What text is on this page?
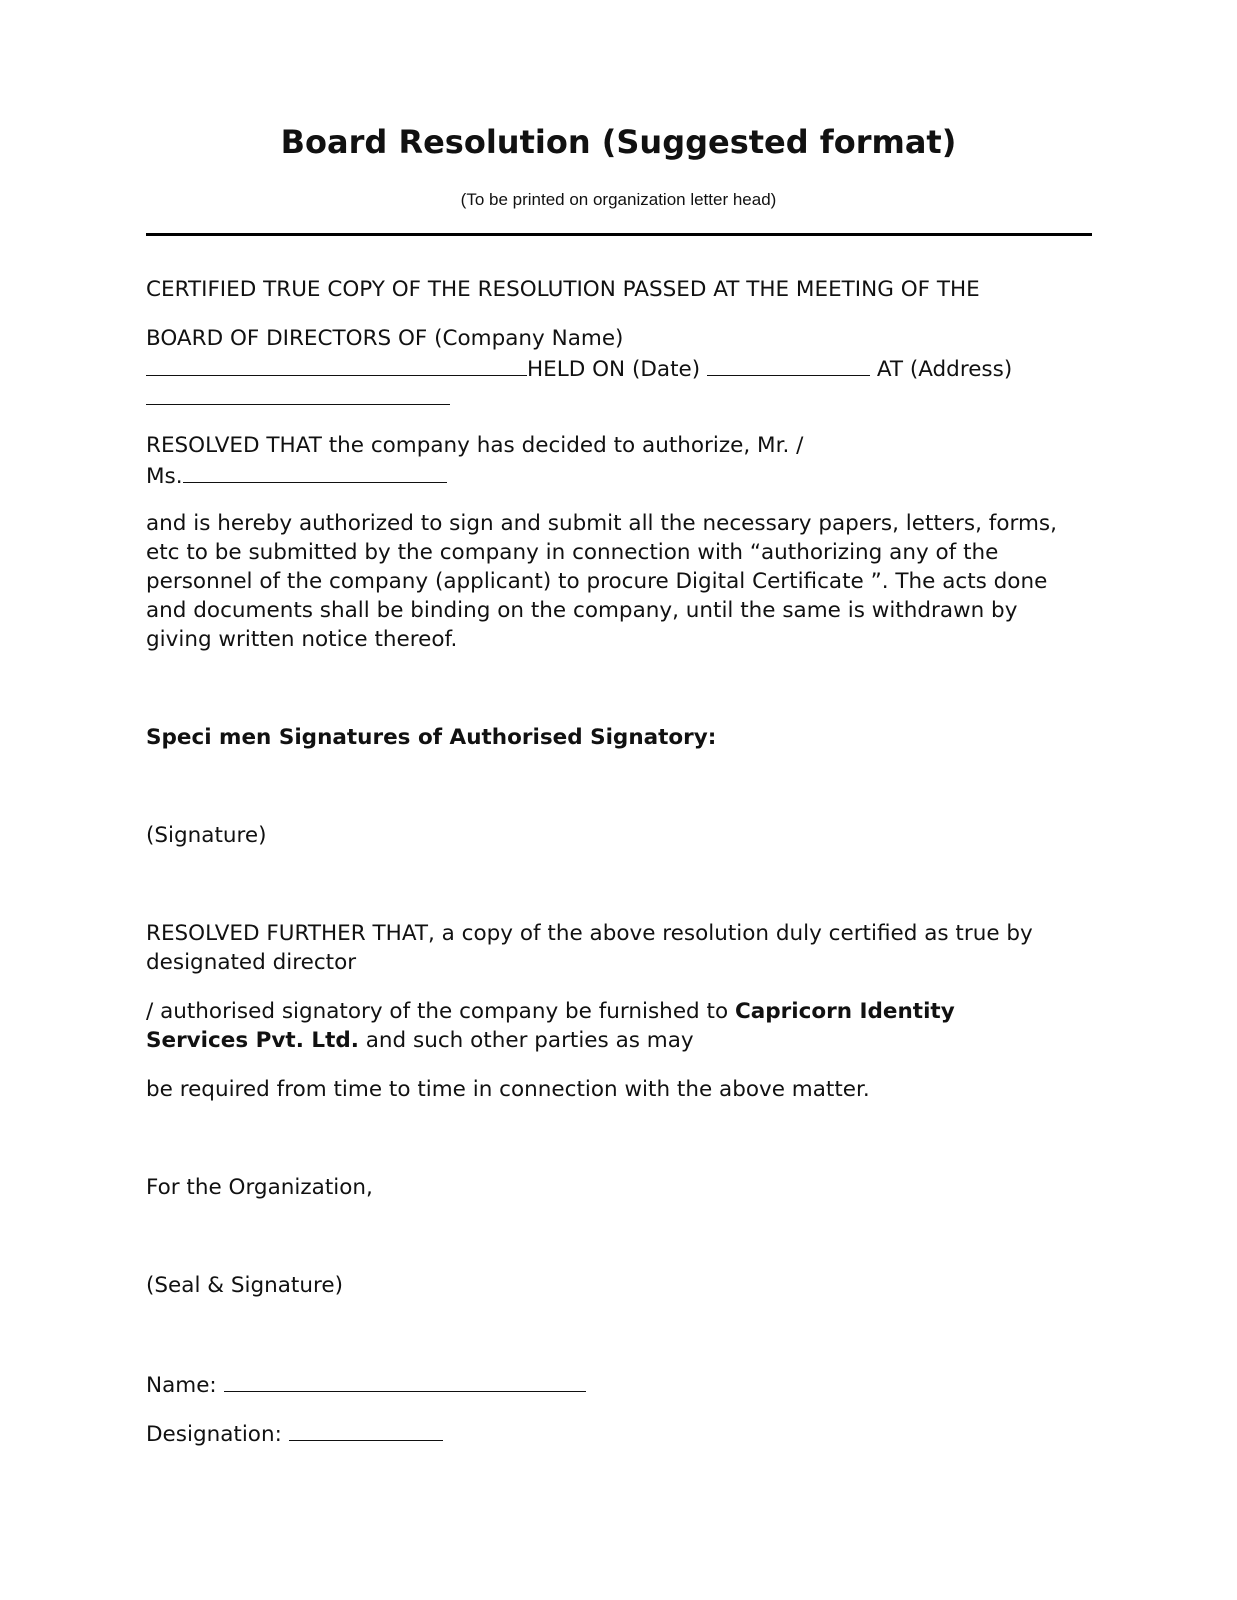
Board Resolution (Suggested format)
(To be printed on organization letter head)
CERTIFIED TRUE COPY OF THE RESOLUTION PASSED AT THE MEETING OF THE
BOARD OF DIRECTORS OF (Company Name)
HELD ON (Date)	AT (Address)
RESOLVED THAT the company has decided to authorize, Mr. /
Ms.
and is hereby authorized to sign and submit all the necessary papers, letters, forms,
etc to be submitted by the company in connection with “authorizing any of the
personnel of the company (applicant) to procure Digital Certificate ”. The acts done
and documents shall be binding on the company, until the same is withdrawn by
giving written notice thereof.
Speci men Signatures of Authorised Signatory:
(Signature)
RESOLVED FURTHER THAT, a copy of the above resolution duly certified as true by
designated director
/ authorised signatory of the company be furnished to Capricorn Identity
Services Pvt. Ltd. and such other parties as may
be required from time to time in connection with the above matter.
For the Organization,
(Seal & Signature)
Name:
Designation:
